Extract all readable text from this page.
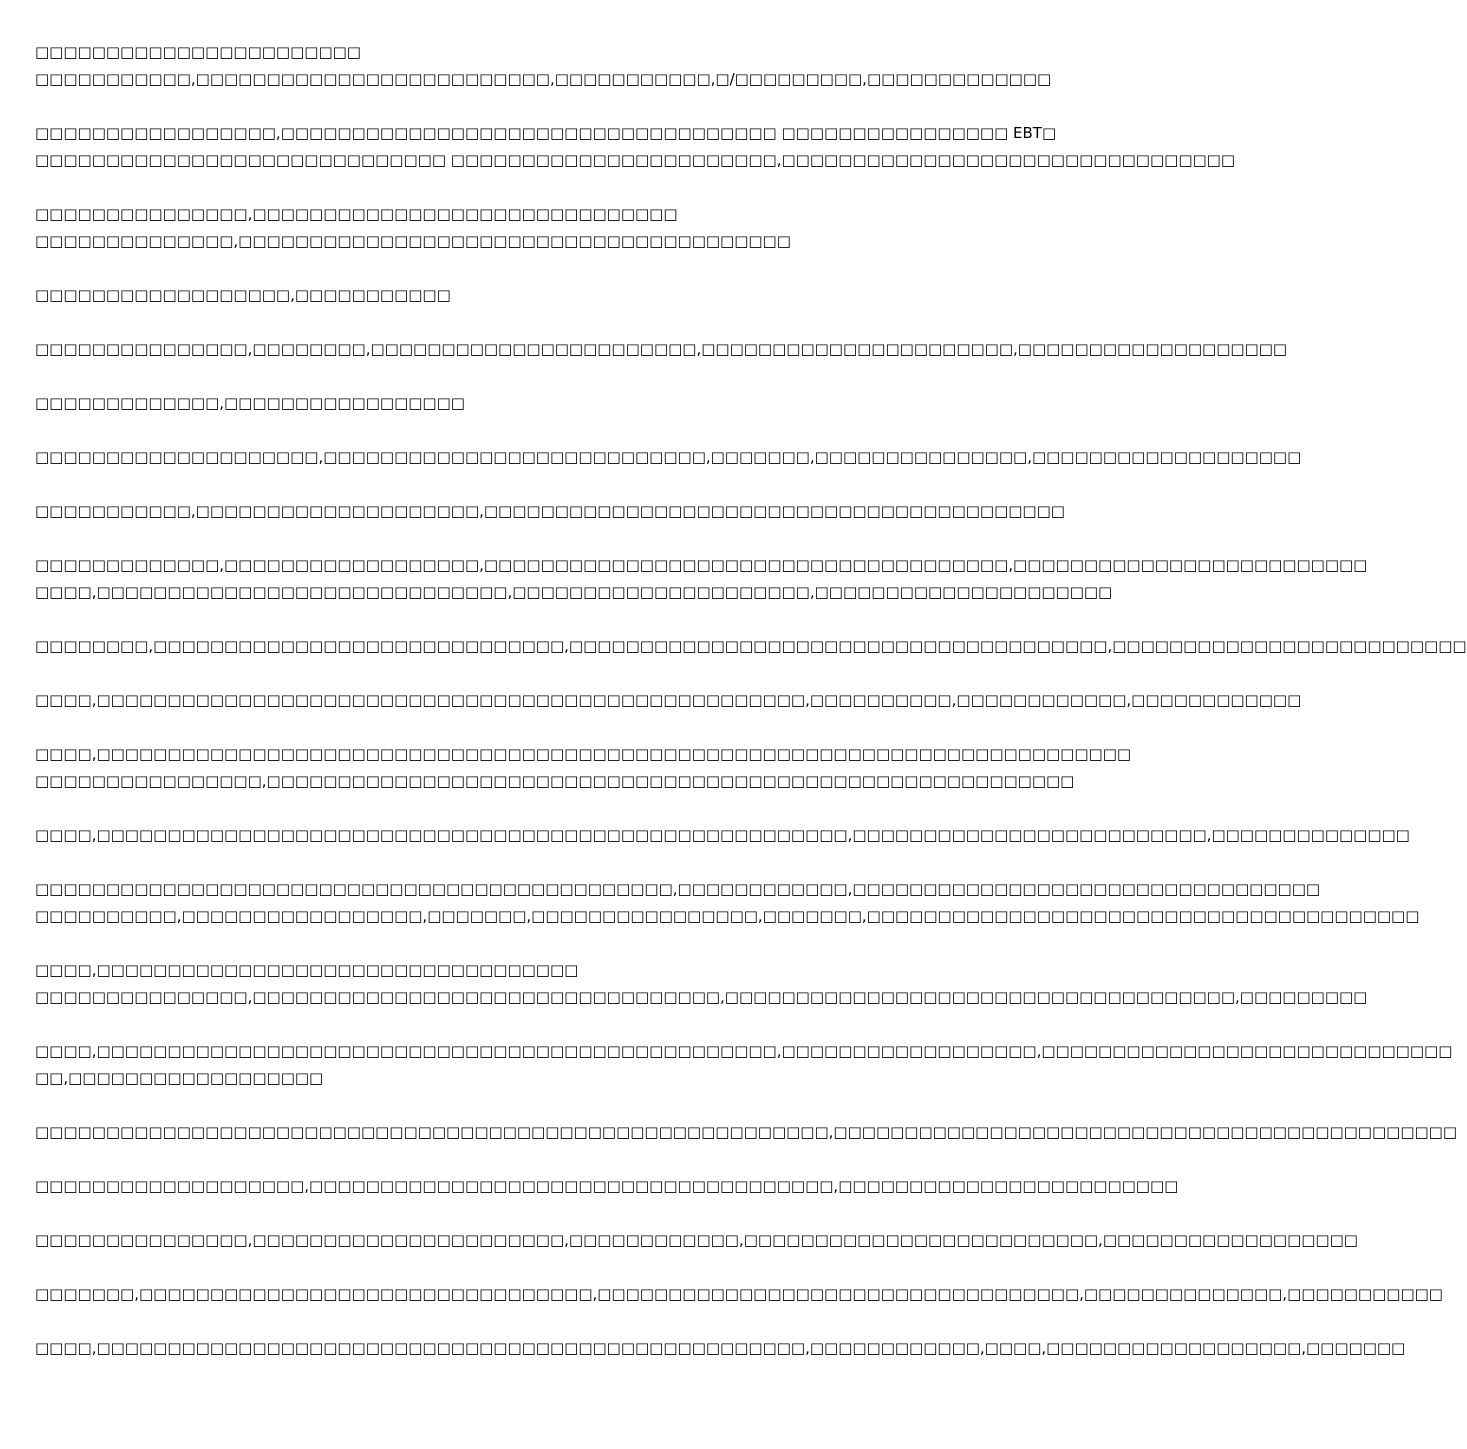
□□□□□□□□□□□□□□□□□□□□□□□
□□□□□□□□□□□,□□□□□□□□□□□□□□□□□□□□□□□□□,□□□□□□□□□□□,□/□□□□□□□□□,□□□□□□□□□□□□□
□□□□□□□□□□□□□□□□□,□□□□□□□□□□□□□□□□□□□□□□□□□□□□□□□□□□□ □□□□□□□□□□□□□□□□ EBT□
□□□□□□□□□□□□□□□□□□□□□□□□□□□□□ □□□□□□□□□□□□□□□□□□□□□□□,□□□□□□□□□□□□□□□□□□□□□□□□□□□□□□□□
□□□□□□□□□□□□□□□,□□□□□□□□□□□□□□□□□□□□□□□□□□□□□□
□□□□□□□□□□□□□□,□□□□□□□□□□□□□□□□□□□□□□□□□□□□□□□□□□□□□□□
□□□□□□□□□□□□□□□□□□,□□□□□□□□□□□
□□□□□□□□□□□□□□□,□□□□□□□□,□□□□□□□□□□□□□□□□□□□□□□□,□□□□□□□□□□□□□□□□□□□□□□,□□□□□□□□□□□□□□□□□□□
□□□□□□□□□□□□□,□□□□□□□□□□□□□□□□□
□□□□□□□□□□□□□□□□□□□□,□□□□□□□□□□□□□□□□□□□□□□□□□□□,□□□□□□□,□□□□□□□□□□□□□□□,□□□□□□□□□□□□□□□□□□□
□□□□□□□□□□□,□□□□□□□□□□□□□□□□□□□□,□□□□□□□□□□□□□□□□□□□□□□□□□□□□□□□□□□□□□□□□□
□□□□□□□□□□□□□,□□□□□□□□□□□□□□□□□□,□□□□□□□□□□□□□□□□□□□□□□□□□□□□□□□□□□□□□,□□□□□□□□□□□□□□□□□□□□□□□□□
□□□□,□□□□□□□□□□□□□□□□□□□□□□□□□□□□□,□□□□□□□□□□□□□□□□□□□□□,□□□□□□□□□□□□□□□□□□□□□
□□□□□□□□,□□□□□□□□□□□□□□□□□□□□□□□□□□□□□,□□□□□□□□□□□□□□□□□□□□□□□□□□□□□□□□□□□□□□,□□□□□□□□□□□□□□□□□□□□□□□□□
□□□□,□□□□□□□□□□□□□□□□□□□□□□□□□□□□□□□□□□□□□□□□□□□□□□□□□□,□□□□□□□□□□,□□□□□□□□□□□□,□□□□□□□□□□□□
□□□□,□□□□□□□□□□□□□□□□□□□□□□□□□□□□□□□□□□□□□□□□□□□□□□□□□□□□□□□□□□□□□□□□□□□□□□□□□
□□□□□□□□□□□□□□□□,□□□□□□□□□□□□□□□□□□□□□□□□□□□□□□□□□□□□□□□□□□□□□□□□□□□□□□□□□
□□□□,□□□□□□□□□□□□□□□□□□□□□□□□□□□□□□□□□□□□□□□□□□□□□□□□□□□□□,□□□□□□□□□□□□□□□□□□□□□□□□□,□□□□□□□□□□□□□□
□□□□□□□□□□□□□□□□□□□□□□□□□□□□□□□□□□□□□□□□□□□□□,□□□□□□□□□□□□,□□□□□□□□□□□□□□□□□□□□□□□□□□□□□□□□□
□□□□□□□□□□,□□□□□□□□□□□□□□□□□,□□□□□□□,□□□□□□□□□□□□□□□□,□□□□□□□,□□□□□□□□□□□□□□□□□□□□□□□□□□□□□□□□□□□□□□□
□□□□,□□□□□□□□□□□□□□□□□□□□□□□□□□□□□□□□□□
□□□□□□□□□□□□□□□,□□□□□□□□□□□□□□□□□□□□□□□□□□□□□□□□□,□□□□□□□□□□□□□□□□□□□□□□□□□□□□□□□□□□□□,□□□□□□□□□
□□□□,□□□□□□□□□□□□□□□□□□□□□□□□□□□□□□□□□□□□□□□□□□□□□□□□,□□□□□□□□□□□□□□□□□□,□□□□□□□□□□□□□□□□□□□□□□□□□□□□□
□□,□□□□□□□□□□□□□□□□□□
□□□□□□□□□□□□□□□□□□□□□□□□□□□□□□□□□□□□□□□□□□□□□□□□□□□□□□□□,□□□□□□□□□□□□□□□□□□□□□□□□□□□□□□□□□□□□□□□□□□□□
□□□□□□□□□□□□□□□□□□□,□□□□□□□□□□□□□□□□□□□□□□□□□□□□□□□□□□□□□,□□□□□□□□□□□□□□□□□□□□□□□□
□□□□□□□□□□□□□□□,□□□□□□□□□□□□□□□□□□□□□□,□□□□□□□□□□□□,□□□□□□□□□□□□□□□□□□□□□□□□□,□□□□□□□□□□□□□□□□□□
□□□□□□□,□□□□□□□□□□□□□□□□□□□□□□□□□□□□□□□□,□□□□□□□□□□□□□□□□□□□□□□□□□□□□□□□□□□,□□□□□□□□□□□□□□,□□□□□□□□□□□
□□□□,□□□□□□□□□□□□□□□□□□□□□□□□□□□□□□□□□□□□□□□□□□□□□□□□□□,□□□□□□□□□□□□,□□□□,□□□□□□□□□□□□□□□□□□,□□□□□□□
